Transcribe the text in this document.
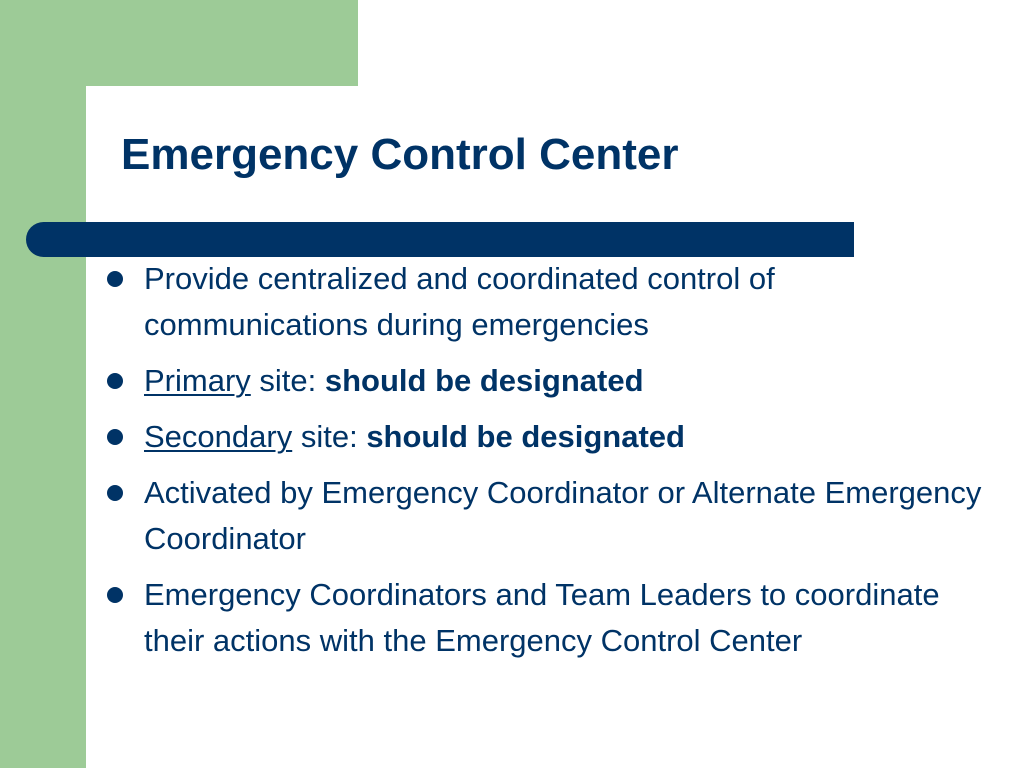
Emergency Control Center
Provide centralized and coordinated control of communications during emergencies
Primary site: should be designated
Secondary site: should be designated
Activated by Emergency Coordinator or Alternate Emergency Coordinator
Emergency Coordinators and Team Leaders to coordinate their actions with the Emergency Control Center
